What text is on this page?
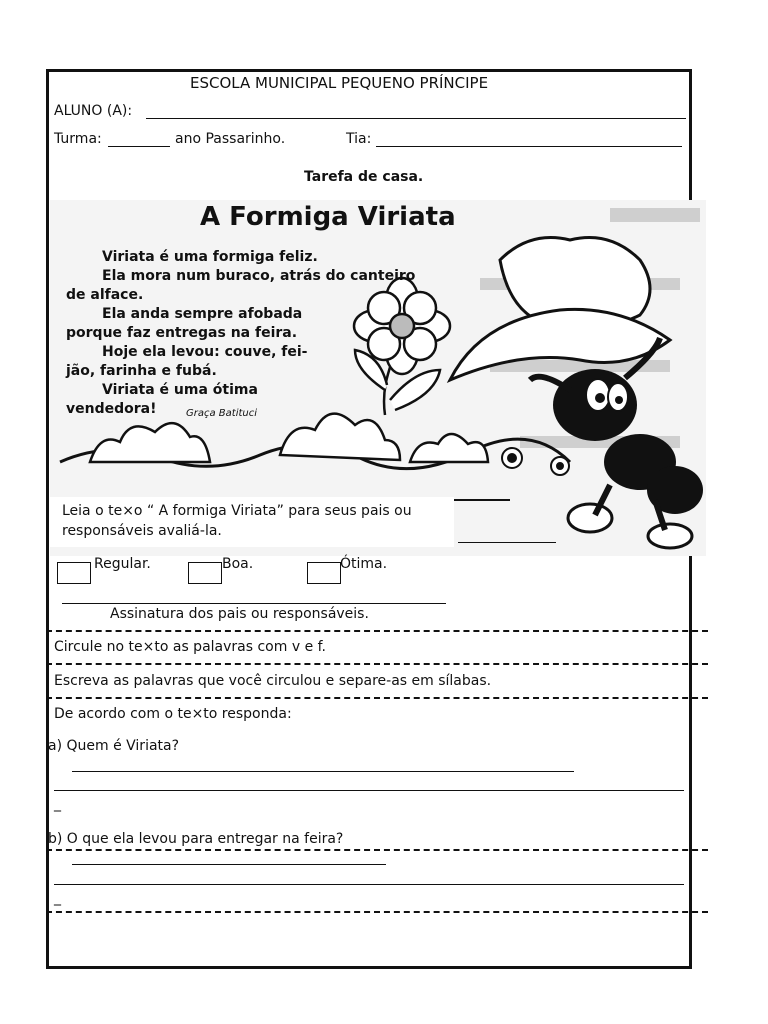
ESCOLA MUNICIPAL PEQUENO PRÍNCIPE
ALUNO (A):
Turma:	ano Passarinho.	Tia:
Tarefa de casa.
A Formiga Viriata
Viriata é uma formiga feliz.
Ela mora num buraco, atrás do canteiro
de alface.
Ela anda sempre afobada
porque faz entregas na feira.
Hoje ela levou: couve, fei-
jão, farinha e fubá.
Viriata é uma ótima
vendedora!	Graça Batituci
Leia o te×o “ A formiga Viriata” para seus pais ou
responsáveis avaliá-la.
Regular.	Boa.	Ótima.
Assinatura dos pais ou responsáveis.
Circule no te×to as palavras com v e f.
Escreva as palavras que você circulou e separe-as em sílabas.
De acordo com o te×to responda:
a) Quem é Viriata?
_
b) O que ela levou para entregar na feira?
_
